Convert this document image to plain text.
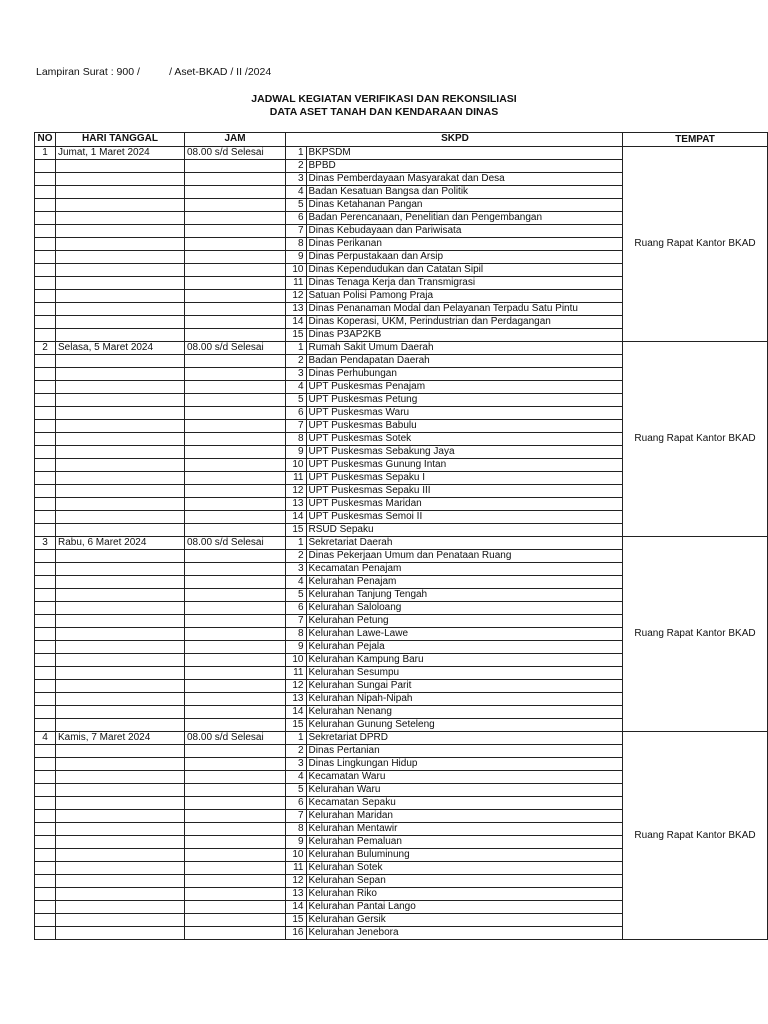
Lampiran Surat : 900 /          / Aset-BKAD / II /2024
JADWAL KEGIATAN VERIFIKASI DAN REKONSILIASI
DATA ASET TANAH DAN KENDARAAN DINAS
NO	HARI TANGGAL	JAM		SKPD	TEMPAT
1	Jumat, 1 Maret 2024	08.00 s/d Selesai	1	BKPSDM	Ruang Rapat Kantor BKAD
			2	BPBD	
			3	Dinas Pemberdayaan Masyarakat dan Desa	
			4	Badan Kesatuan Bangsa dan Politik	
			5	Dinas Ketahanan Pangan	
			6	Badan Perencanaan, Penelitian dan Pengembangan	
			7	Dinas Kebudayaan dan Pariwisata	
			8	Dinas Perikanan	
			9	Dinas Perpustakaan dan Arsip	
			10	Dinas Kependudukan dan Catatan Sipil	
			11	Dinas Tenaga Kerja dan Transmigrasi	
			12	Satuan Polisi Pamong Praja	
			13	Dinas Penanaman Modal dan Pelayanan Terpadu Satu Pintu	
			14	Dinas Koperasi, UKM, Perindustrian dan Perdagangan	
			15	Dinas P3AP2KB	
2	Selasa, 5 Maret 2024	08.00 s/d Selesai	1	Rumah Sakit Umum Daerah	Ruang Rapat Kantor BKAD
			2	Badan Pendapatan Daerah	
			3	Dinas Perhubungan	
			4	UPT Puskesmas Penajam	
			5	UPT Puskesmas Petung	
			6	UPT Puskesmas Waru	
			7	UPT Puskesmas Babulu	
			8	UPT Puskesmas Sotek	
			9	UPT Puskesmas Sebakung Jaya	
			10	UPT Puskesmas Gunung Intan	
			11	UPT Puskesmas Sepaku I	
			12	UPT Puskesmas Sepaku III	
			13	UPT Puskesmas Maridan	
			14	UPT Puskesmas Semoi II	
			15	RSUD Sepaku	
3	Rabu, 6 Maret 2024	08.00 s/d Selesai	1	Sekretariat Daerah	Ruang Rapat Kantor BKAD
			2	Dinas Pekerjaan Umum dan Penataan Ruang	
			3	Kecamatan Penajam	
			4	Kelurahan Penajam	
			5	Kelurahan Tanjung Tengah	
			6	Kelurahan Saloloang	
			7	Kelurahan Petung	
			8	Kelurahan Lawe-Lawe	
			9	Kelurahan Pejala	
			10	Kelurahan Kampung Baru	
			11	Kelurahan Sesumpu	
			12	Kelurahan Sungai Parit	
			13	Kelurahan Nipah-Nipah	
			14	Kelurahan Nenang	
			15	Kelurahan Gunung Seteleng	
4	Kamis, 7 Maret 2024	08.00 s/d Selesai	1	Sekretariat DPRD	Ruang Rapat Kantor BKAD
			2	Dinas Pertanian	
			3	Dinas Lingkungan Hidup	
			4	Kecamatan Waru	
			5	Kelurahan Waru	
			6	Kecamatan Sepaku	
			7	Kelurahan Maridan	
			8	Kelurahan Mentawir	
			9	Kelurahan Pemaluan	
			10	Kelurahan Buluminung	
			11	Kelurahan Sotek	
			12	Kelurahan Sepan	
			13	Kelurahan Riko	
			14	Kelurahan Pantai Lango	
			15	Kelurahan Gersik	
			16	Kelurahan Jenebora	
